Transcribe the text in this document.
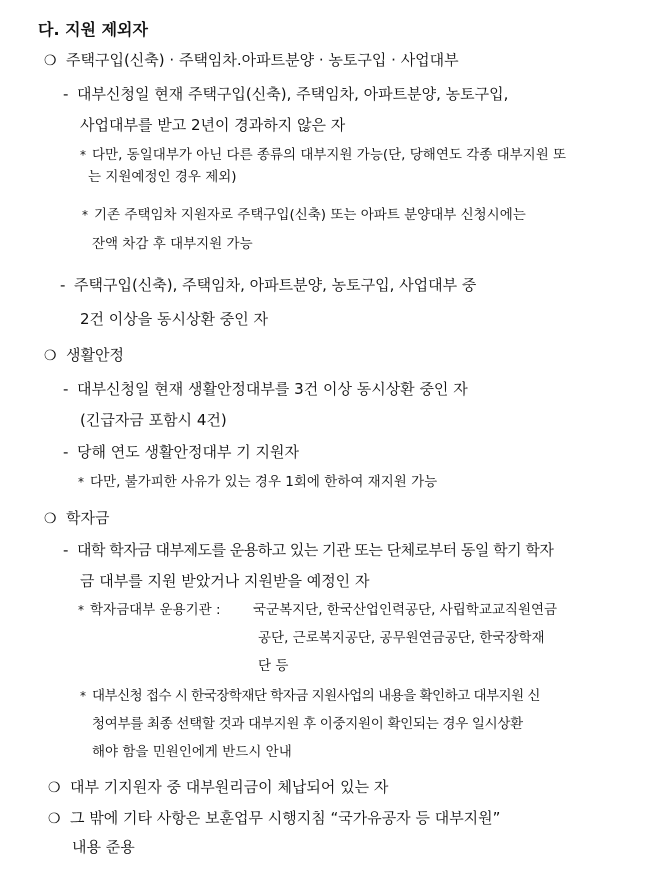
다. 지원 제외자
❍ 주택구입(신축) · 주택임차.아파트분양 · 농토구입 · 사업대부
- 대부신청일 현재 주택구입(신축), 주택임차, 아파트분양, 농토구입,
사업대부를 받고 2년이 경과하지 않은 자
* 다만, 동일대부가 아닌 다른 종류의 대부지원 가능(단, 당해연도 각종 대부지원 또
는 지원예정인 경우 제외)
* 기존 주택임차 지원자로 주택구입(신축) 또는 아파트 분양대부 신청시에는
잔액 차감 후 대부지원 가능
- 주택구입(신축), 주택임차, 아파트분양, 농토구입, 사업대부 중
2건 이상을 동시상환 중인 자
❍ 생활안정
- 대부신청일 현재 생활안정대부를 3건 이상 동시상환 중인 자
(긴급자금 포함시 4건)
- 당해 연도 생활안정대부 기 지원자
* 다만, 불가피한 사유가 있는 경우 1회에 한하여 재지원 가능
❍ 학자금
- 대학 학자금 대부제도를 운용하고 있는 기관 또는 단체로부터 동일 학기 학자
금 대부를 지원 받았거나 지원받을 예정인 자
* 학자금대부 운용기관 : 국군복지단, 한국산업인력공단, 사립학교교직원연금
공단, 근로복지공단, 공무원연금공단, 한국장학재
단 등
* 대부신청 접수 시 한국장학재단 학자금 지원사업의 내용을 확인하고 대부지원 신
청여부를 최종 선택할 것과 대부지원 후 이중지원이 확인되는 경우 일시상환
해야 함을 민원인에게 반드시 안내
❍ 대부 기지원자 중 대부원리금이 체납되어 있는 자
❍ 그 밖에 기타 사항은 보훈업무 시행지침 “국가유공자 등 대부지원”
내용 준용
